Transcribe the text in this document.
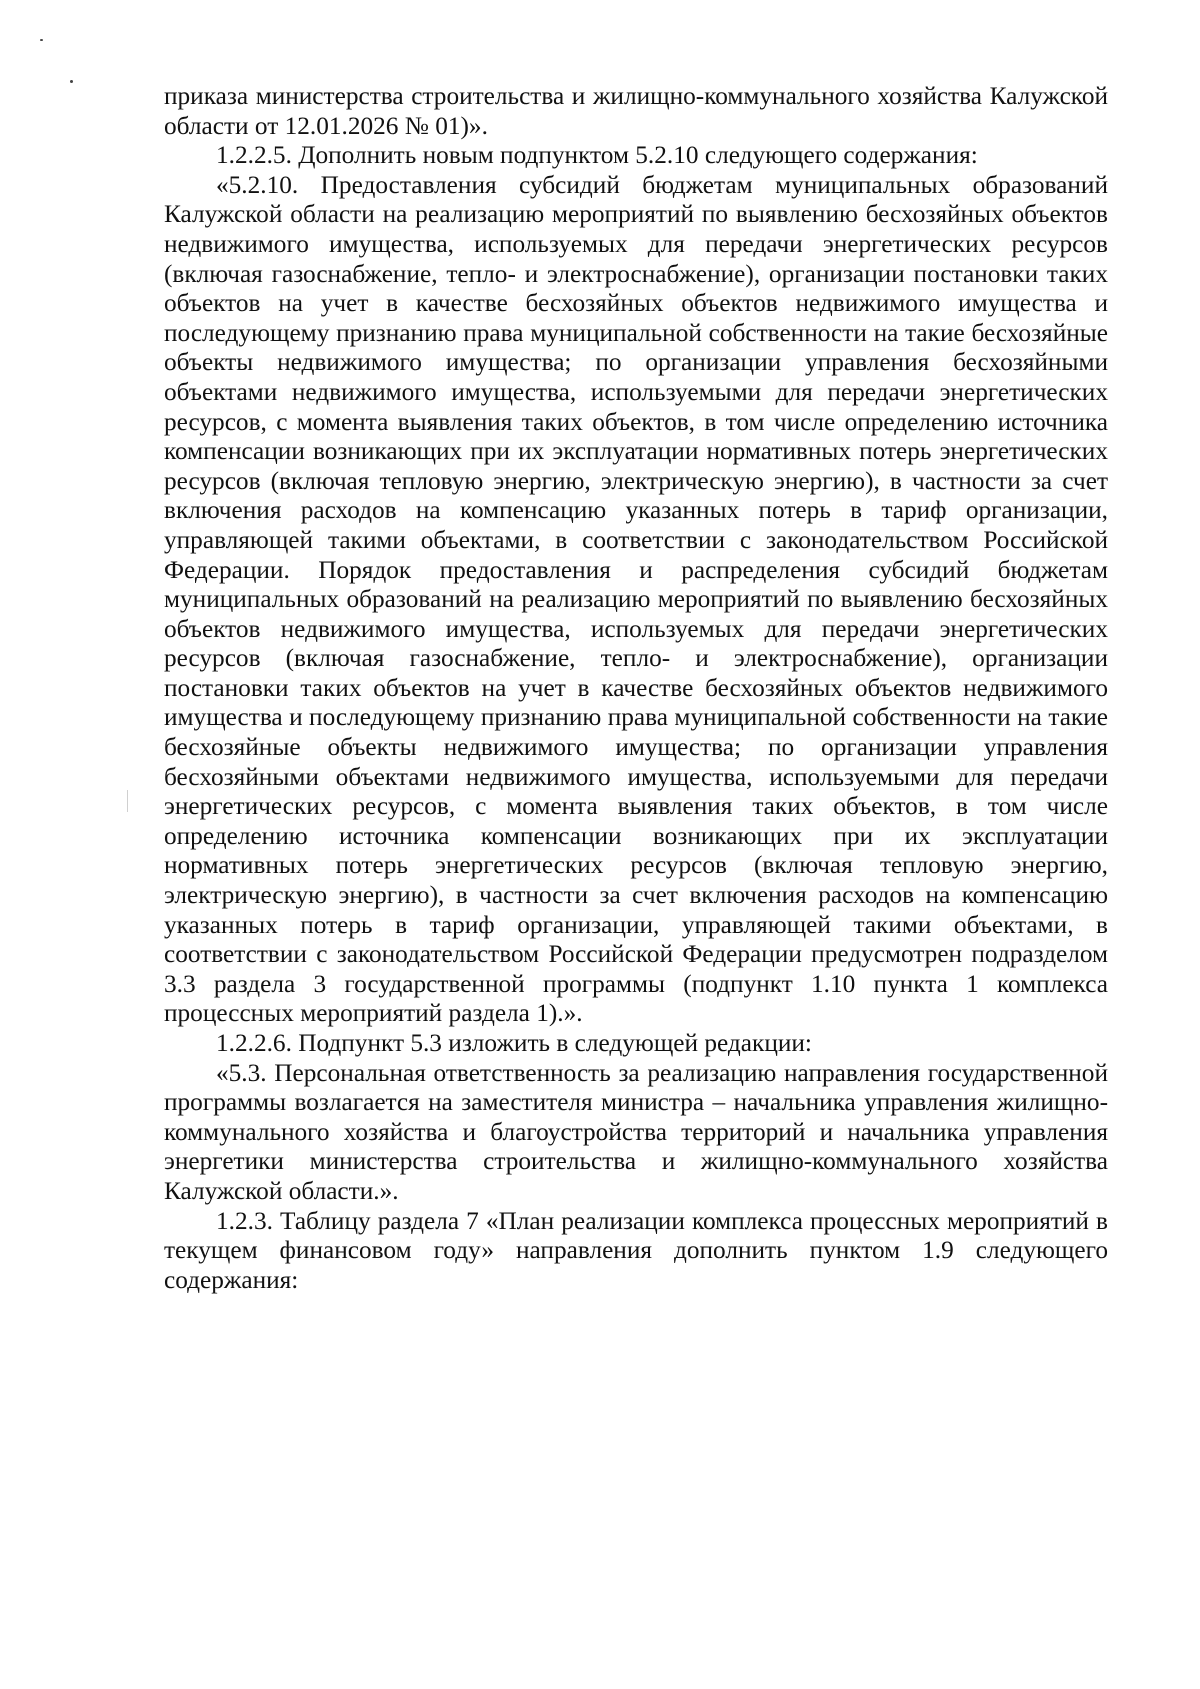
приказа министерства строительства и жилищно-коммунального хозяйства Калужской области от 12.01.2026 № 01)».

1.2.2.5. Дополнить новым подпунктом 5.2.10 следующего содержания:

«5.2.10. Предоставления субсидий бюджетам муниципальных образований Калужской области на реализацию мероприятий по выявлению бесхозяйных объектов недвижимого имущества, используемых для передачи энергетических ресурсов (включая газоснабжение, тепло- и электроснабжение), организации постановки таких объектов на учет в качестве бесхозяйных объектов недвижимого имущества и последующему признанию права муниципальной собственности на такие бесхозяйные объекты недвижимого имущества; по организации управления бесхозяйными объектами недвижимого имущества, используемыми для передачи энергетических ресурсов, с момента выявления таких объектов, в том числе определению источника компенсации возникающих при их эксплуатации нормативных потерь энергетических ресурсов (включая тепловую энергию, электрическую энергию), в частности за счет включения расходов на компенсацию указанных потерь в тариф организации, управляющей такими объектами, в соответствии с законодательством Российской Федерации. Порядок предоставления и распределения субсидий бюджетам муниципальных образований на реализацию мероприятий по выявлению бесхозяйных объектов недвижимого имущества, используемых для передачи энергетических ресурсов (включая газоснабжение, тепло- и электроснабжение), организации постановки таких объектов на учет в качестве бесхозяйных объектов недвижимого имущества и последующему признанию права муниципальной собственности на такие бесхозяйные объекты недвижимого имущества; по организации управления бесхозяйными объектами недвижимого имущества, используемыми для передачи энергетических ресурсов, с момента выявления таких объектов, в том числе определению источника компенсации возникающих при их эксплуатации нормативных потерь энергетических ресурсов (включая тепловую энергию, электрическую энергию), в частности за счет включения расходов на компенсацию указанных потерь в тариф организации, управляющей такими объектами, в соответствии с законодательством Российской Федерации предусмотрен подразделом 3.3 раздела 3 государственной программы (подпункт 1.10 пункта 1 комплекса процессных мероприятий раздела 1).».

1.2.2.6. Подпункт 5.3 изложить в следующей редакции:

«5.3. Персональная ответственность за реализацию направления государственной программы возлагается на заместителя министра – начальника управления жилищно-коммунального хозяйства и благоустройства территорий и начальника управления энергетики министерства строительства и жилищно-коммунального хозяйства Калужской области.».

1.2.3. Таблицу раздела 7 «План реализации комплекса процессных мероприятий в текущем финансовом году» направления дополнить пунктом 1.9 следующего содержания:
